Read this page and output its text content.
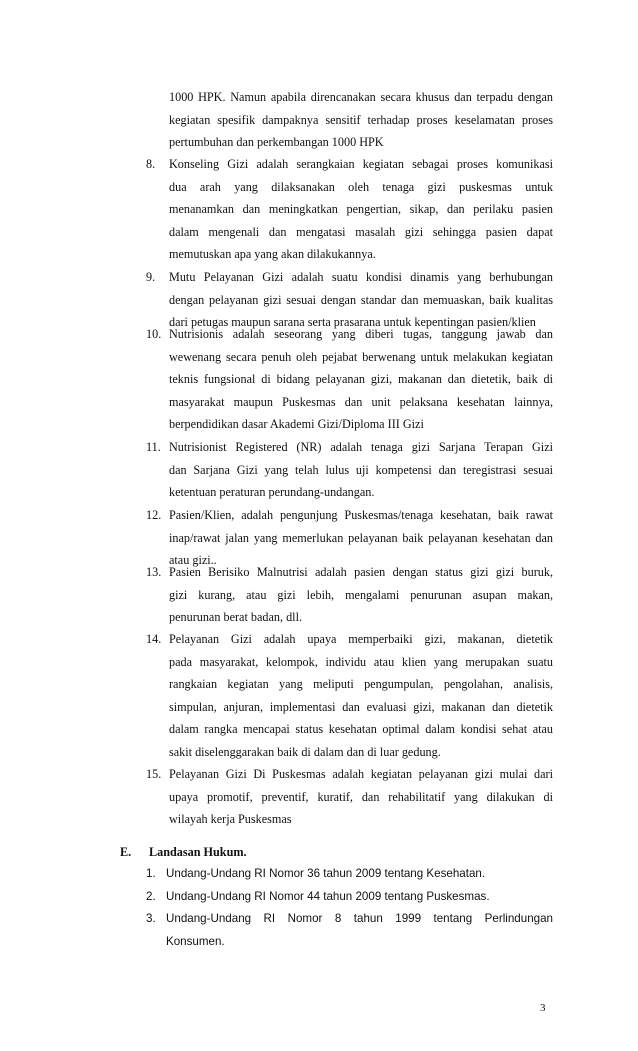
1000 HPK. Namun apabila direncanakan secara khusus dan terpadu dengan
kegiatan spesifik dampaknya sensitif terhadap proses keselamatan proses
pertumbuhan dan perkembangan 1000 HPK
8.	Konseling Gizi adalah serangkaian kegiatan sebagai proses komunikasi
dua arah yang dilaksanakan oleh tenaga gizi puskesmas untuk
menanamkan dan meningkatkan pengertian, sikap, dan perilaku pasien
dalam mengenali dan mengatasi masalah gizi sehingga pasien dapat
memutuskan apa yang akan dilakukannya.
9.	Mutu Pelayanan Gizi adalah suatu kondisi dinamis yang berhubungan
dengan pelayanan gizi sesuai dengan standar dan memuaskan, baik kualitas
dari petugas maupun sarana serta prasarana untuk kepentingan pasien/klien
10. Nutrisionis adalah seseorang yang diberi tugas, tanggung jawab dan
wewenang secara penuh oleh pejabat berwenang untuk melakukan kegiatan
teknis fungsional di bidang pelayanan gizi, makanan dan dietetik, baik di
masyarakat maupun Puskesmas dan unit pelaksana kesehatan lainnya,
berpendidikan dasar Akademi Gizi/Diploma III Gizi
11. Nutrisionist Registered (NR) adalah tenaga gizi Sarjana Terapan Gizi
dan Sarjana Gizi yang telah lulus uji kompetensi dan teregistrasi sesuai
ketentuan peraturan perundang-undangan.
12. Pasien/Klien, adalah pengunjung Puskesmas/tenaga kesehatan, baik rawat
inap/rawat jalan yang memerlukan pelayanan baik pelayanan kesehatan dan
atau gizi..
13. Pasien Berisiko Malnutrisi adalah pasien dengan status gizi gizi buruk,
gizi kurang, atau gizi lebih, mengalami penurunan asupan makan,
penurunan berat badan, dll.
14. Pelayanan Gizi adalah upaya memperbaiki gizi, makanan, dietetik
pada masyarakat, kelompok, individu atau klien yang merupakan suatu
rangkaian kegiatan yang meliputi pengumpulan, pengolahan, analisis,
simpulan, anjuran, implementasi dan evaluasi gizi, makanan dan dietetik
dalam rangka mencapai status kesehatan optimal dalam kondisi sehat atau
sakit diselenggarakan baik di dalam dan di luar gedung.
15. Pelayanan Gizi Di Puskesmas adalah kegiatan pelayanan gizi mulai dari
upaya promotif, preventif, kuratif, dan rehabilitatif yang dilakukan di
wilayah kerja Puskesmas
E. Landasan Hukum.
1. Undang-Undang RI Nomor 36 tahun 2009 tentang Kesehatan.
2. Undang-Undang RI Nomor 44 tahun 2009 tentang Puskesmas.
3. Undang-Undang RI Nomor 8 tahun 1999 tentang Perlindungan
Konsumen.
3
